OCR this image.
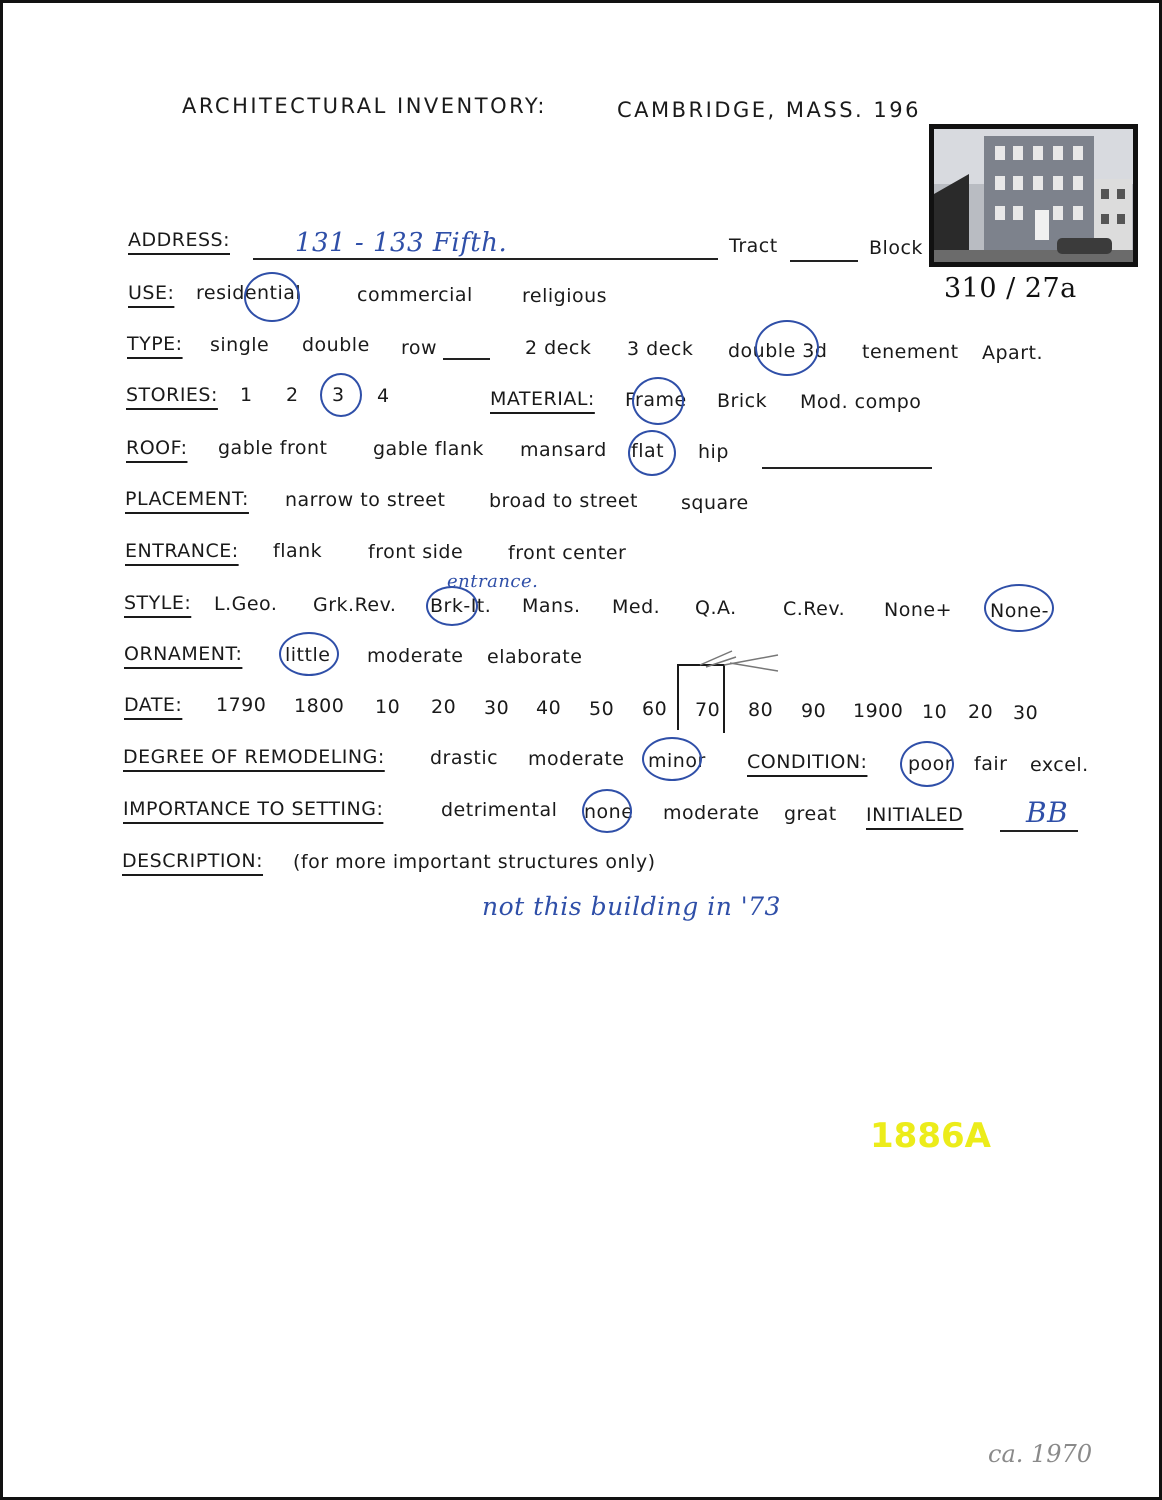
ARCHITECTURAL INVENTORY:	CAMBRIDGE, MASS. 196
ADDRESS:	131 - 133 Fifth.	Tract	Block
310 / 27a
USE: residential	commercial	religious
TYPE: single double row	2 deck 3 deck double 3d tenement Apart.
STORIES: 1 2 3 4	MATERIAL: Frame Brick Mod. compo
ROOF: gable front gable flank mansard flat hip
PLACEMENT: narrow to street broad to street square
ENTRANCE: flank front side front center
STYLE: L.Geo. Grk.Rev. Brk-It. Mans. Med. Q.A. C.Rev. None+ None-
entrance.
ORNAMENT: little moderate elaborate
DATE: 1790 1800 10 20 30 40 50 60 70 80 90 1900 10 20 30
DEGREE OF REMODELING: drastic moderate minor CONDITION: poor fair excel.
IMPORTANCE TO SETTING:	detrimental none moderate great INITIALED BB
DESCRIPTION: (for more important structures only)
not this building in '73
1886A
ca. 1970
